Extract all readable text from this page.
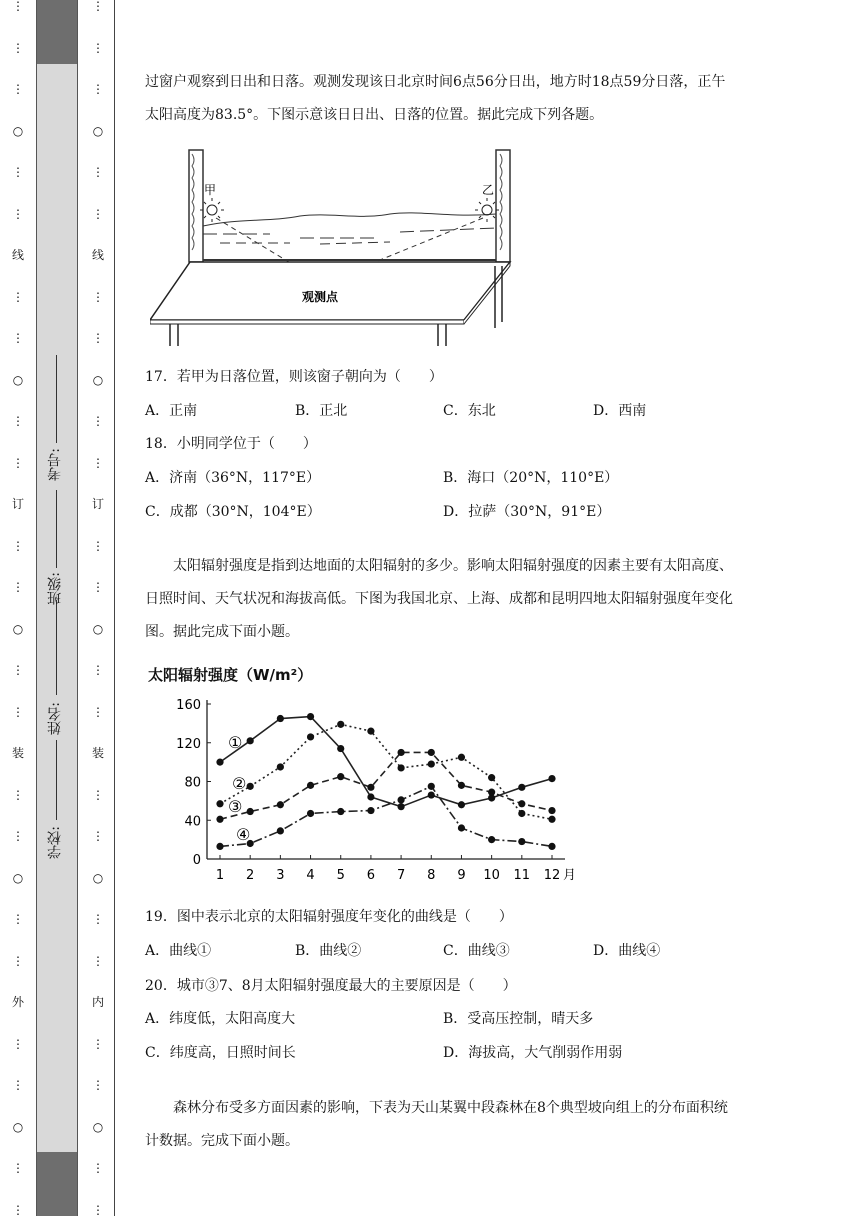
⋮
⋮
⋮
○
⋮
⋮
线
⋮
⋮
○
⋮
⋮
订
⋮
⋮
○
⋮
⋮
装
⋮
⋮
○
⋮
⋮
外
⋮
⋮
○
⋮
⋮
学校:
姓名:
班级:
考号:
⋮
⋮
⋮
○
⋮
⋮
线
⋮
⋮
○
⋮
⋮
订
⋮
⋮
○
⋮
⋮
装
⋮
⋮
○
⋮
⋮
内
⋮
⋮
○
⋮
⋮
过窗户观察到日出和日落。观测发现该日北京时间6点56分日出，地方时18点59分日落，正午太阳高度为83.5°。下图示意该日日出、日落的位置。据此完成下列各题。
甲	乙
观测点
17．若甲为日落位置，则该窗子朝向为（　　）
A．正南	B．正北	C．东北	D．西南
18．小明同学位于（　　）
A．济南（36°N，117°E）	B．海口（20°N，110°E）
C．成都（30°N，104°E）	D．拉萨（30°N，91°E）
太阳辐射强度是指到达地面的太阳辐射的多少。影响太阳辐射强度的因素主要有太阳高度、日照时间、天气状况和海拔高低。下图为我国北京、上海、成都和昆明四地太阳辐射强度年变化图。据此完成下面小题。
太阳辐射强度（W/m²）
0
40
80
120
160
1 2 3 4 5 6 7 8 9 10 11 12 月
①
②
③
④
19．图中表示北京的太阳辐射强度年变化的曲线是（　　）
A．曲线①	B．曲线②	C．曲线③	D．曲线④
20．城市③7、8月太阳辐射强度最大的主要原因是（　　）
A．纬度低，太阳高度大	B．受高压控制，晴天多
C．纬度高，日照时间长	D．海拔高，大气削弱作用弱
森林分布受多方面因素的影响，下表为天山某翼中段森林在8个典型坡向组上的分布面积统计数据。完成下面小题。
